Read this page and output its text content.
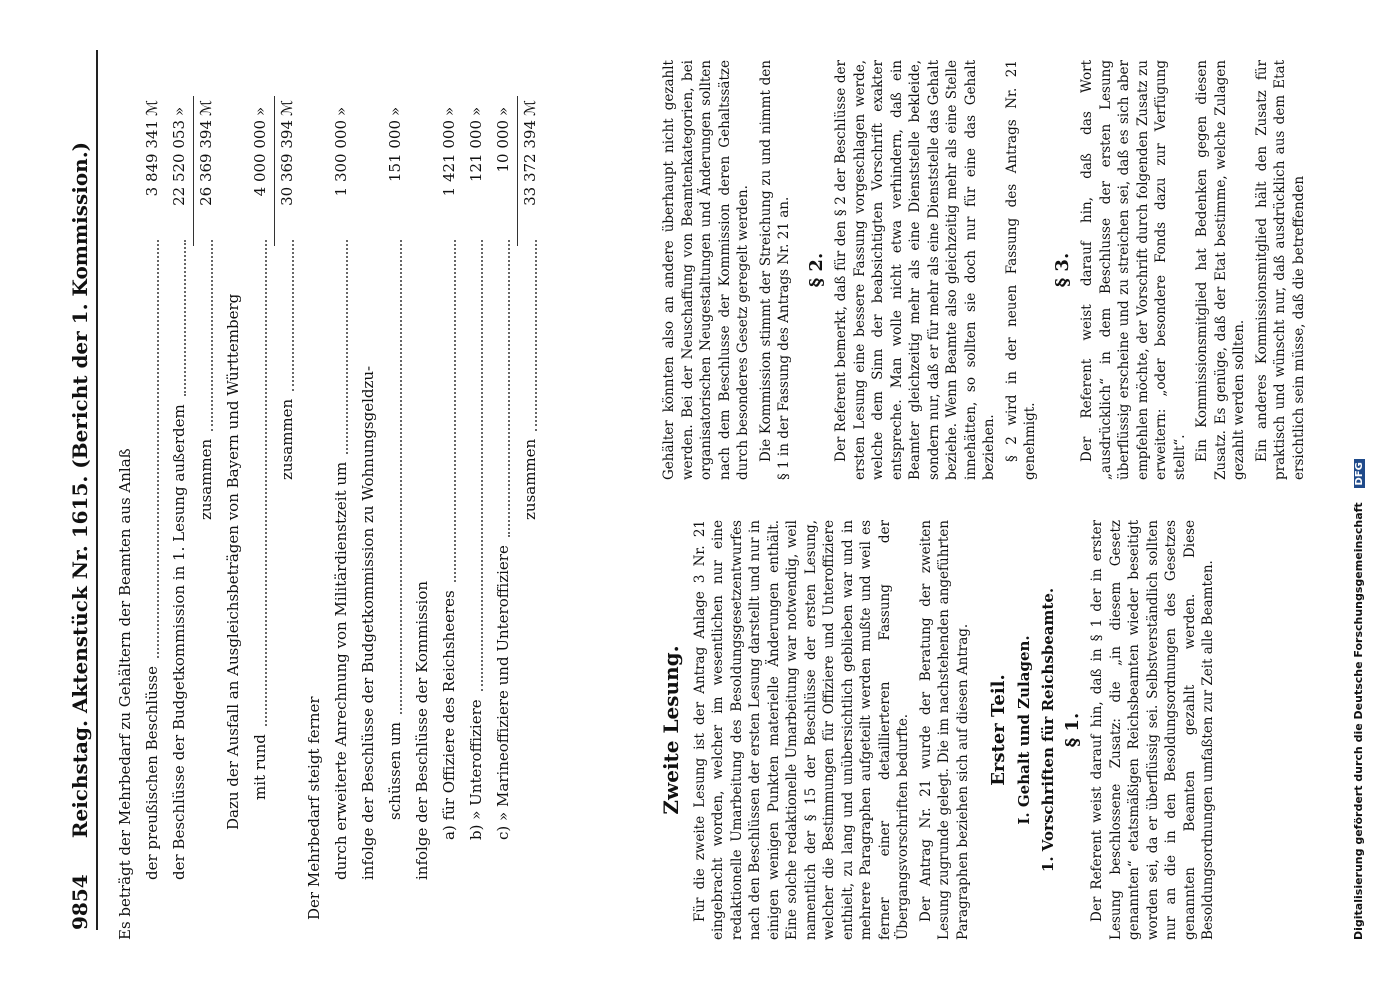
9854
Reichstag. Aktenstück Nr. 1615. (Bericht der 1. Kommission.) Es beträgt der Mehrbedarf zu Gehältern der Beamten aus Anlaß der preußischen Beschlüsse
3 849 341
ℳ
der Beschlüsse der Budgetkommission in 1. Lesung außerdem
22 520 053
»
zusammen
26 369 394
ℳ
Dazu der Ausfall an Ausgleichsbeträgen von Bayern und Württemberg mit rund
4 000 000
»
zusammen
30 369 394
ℳ
Der Mehrbedarf steigt ferner durch erweiterte Anrechnung von Militärdienstzeit um
1 300 000
»
infolge der Beschlüsse der Budgetkommission zu Wohnungsgeldzu- schüssen um
151 000
»
infolge der Beschlüsse der Kommission a) für Offiziere des Reichsheeres
1 421 000
»
b) » Unteroffiziere
121 000
»
c) » Marineoffiziere und Unteroffiziere
10 000
»
zusammen
33 372 394
ℳ
Zweite Lesung. Für die zweite Lesung ist der Antrag Anlage 3 Nr. 21 eingebracht worden, welcher im wesentlichen nur eine redaktionelle Umarbeitung des Besoldungsgesetzentwurfes nach den Beschlüssen der ersten Lesung darstellt und nur in einigen wenigen Punkten materielle Änderungen enthält. Eine solche redaktionelle Umarbeitung war notwendig, weil namentlich der § 15 der Beschlüsse der ersten Lesung, welcher die Bestimmungen für Offiziere und Unteroffiziere enthielt, zu lang und unübersichtlich geblieben war und in mehrere Paragraphen aufgeteilt werden mußte und weil es ferner einer detaillierteren Fassung der Übergangsvorschriften bedurfte. Der Antrag Nr. 21 wurde der Beratung der zweiten Lesung zugrunde gelegt. Die im nachstehenden angeführten Paragraphen beziehen sich auf diesen Antrag. Erster Teil. I. Gehalt und Zulagen. 1. Vorschriften für Reichsbeamte. § 1. Der Referent weist darauf hin, daß in § 1 der in erster Lesung beschlossene Zusatz: die „in diesem Gesetz genannten“ etatsmäßigen Reichsbeamten wieder beseitigt worden sei, da er überflüssig sei. Selbstverständlich sollten nur an die in den Besoldungsordnungen des Gesetzes genannten Beamten gezahlt werden. Diese Besoldungsordnungen umfaßten zur Zeit alle Beamten.

Gehälter könnten also an andere überhaupt nicht gezahlt werden. Bei der Neuschaffung von Beamtenkategorien, bei organisatorischen Neugestaltungen und Änderungen sollten nach dem Beschlusse der Kommission deren Gehaltssätze durch besonderes Gesetz geregelt werden. Die Kommission stimmt der Streichung zu und nimmt den § 1 in der Fassung des Antrags Nr. 21 an. § 2. Der Referent bemerkt, daß für den § 2 der Beschlüsse der ersten Lesung eine bessere Fassung vorgeschlagen werde, welche dem Sinn der beabsichtigten Vorschrift exakter entspreche. Man wolle nicht etwa verhindern, daß ein Beamter gleichzeitig mehr als eine Dienststelle bekleide, sondern nur, daß er für mehr als eine Dienststelle das Gehalt beziehe. Wenn Beamte also gleichzeitig mehr als eine Stelle innehätten, so sollten sie doch nur für eine das Gehalt beziehen. § 2 wird in der neuen Fassung des Antrags Nr. 21 genehmigt.

§ 3. Der Referent weist darauf hin, daß das Wort „ausdrücklich“ in dem Beschlusse der ersten Lesung überflüssig erscheine und zu streichen sei, daß es sich aber empfehlen möchte, der Vorschrift durch folgenden Zusatz zu erweitern: „oder besondere Fonds dazu zur Verfügung stellt“. Ein Kommissionsmitglied hat Bedenken gegen diesen Zusatz. Es genüge, daß der Etat bestimme, welche Zulagen gezahlt werden sollten. Ein anderes Kommissionsmitglied hält den Zusatz für praktisch und wünscht nur, daß ausdrücklich aus dem Etat ersichtlich sein müsse, daß die betreffenden

Digitalisierung gefördert durch die Deutsche Forschungsgemeinschaft DFG
